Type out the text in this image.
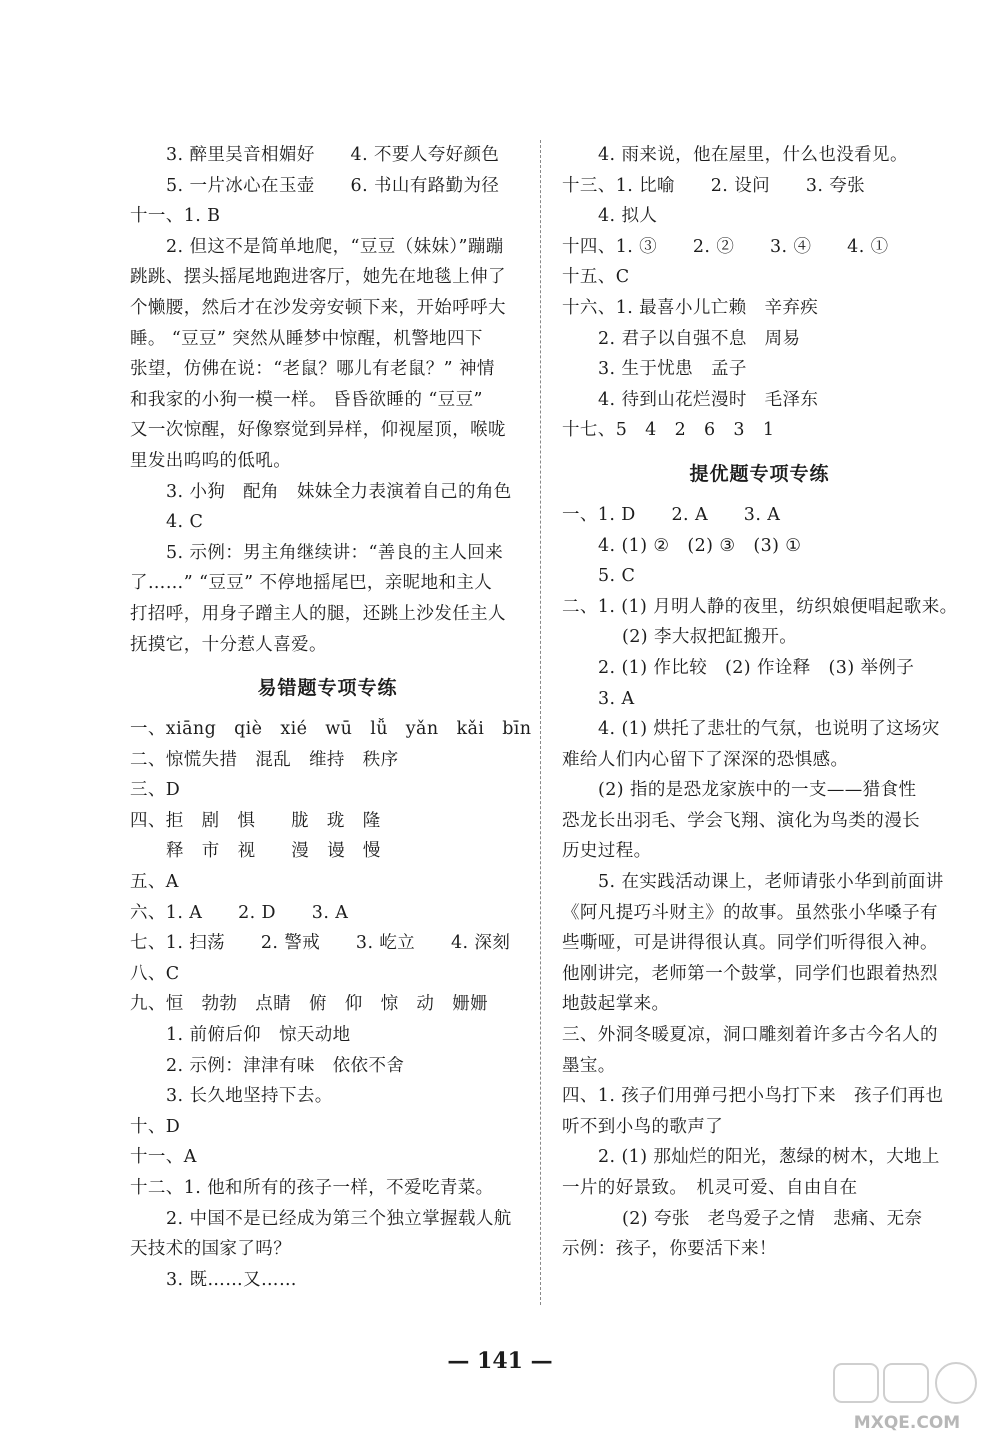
3. 醉里吴音相媚好　　4. 不要人夸好颜色
5. 一片冰心在玉壶　　6. 书山有路勤为径
十一、1. B
2. 但这不是简单地爬，“豆豆（妹妹）”蹦蹦
跳跳、摆头摇尾地跑进客厅，她先在地毯上伸了
个懒腰，然后才在沙发旁安顿下来，开始呼呼大
睡。 “豆豆” 突然从睡梦中惊醒，机警地四下
张望，仿佛在说：“老鼠？哪儿有老鼠？” 神情
和我家的小狗一模一样。 昏昏欲睡的 “豆豆”
又一次惊醒，好像察觉到异样，仰视屋顶，喉咙
里发出呜呜的低吼。
3. 小狗　配角　妹妹全力表演着自己的角色
4. C
5. 示例：男主角继续讲：“善良的主人回来
了……” “豆豆” 不停地摇尾巴，亲昵地和主人
打招呼，用身子蹭主人的腿，还跳上沙发任主人
抚摸它，十分惹人喜爱。
易错题专项专练
一、xiāng　qiè　xié　wū　lǚ　yǎn　kǎi　bīn
二、惊慌失措　混乱　维持　秩序
三、D
四、拒　剧　惧　　胧　珑　隆
释　市　视　　漫　谩　慢
五、A
六、1. A　　2. D　　3. A
七、1. 扫荡　　2. 警戒　　3. 屹立　　4. 深刻
八、C
九、恒　勃勃　点睛　俯　仰　惊　动　姗姗
1. 前俯后仰　惊天动地
2. 示例：津津有味　依依不舍
3. 长久地坚持下去。
十、D
十一、A
十二、1. 他和所有的孩子一样，不爱吃青菜。
2. 中国不是已经成为第三个独立掌握载人航
天技术的国家了吗？
3. 既……又……
4. 雨来说，他在屋里，什么也没看见。
十三、1. 比喻　　2. 设问　　3. 夸张
4. 拟人
十四、1. ③　　2. ②　　3. ④　　4. ①
十五、C
十六、1. 最喜小儿亡赖　辛弃疾
2. 君子以自强不息　周易
3. 生于忧患　孟子
4. 待到山花烂漫时　毛泽东
十七、5　4　2　6　3　1
提优题专项专练
一、1. D　　2. A　　3. A
4. (1) ②　(2) ③　(3) ①
5. C
二、1. (1) 月明人静的夜里，纺织娘便唱起歌来。
(2) 李大叔把缸搬开。
2. (1) 作比较　(2) 作诠释　(3) 举例子
3. A
4. (1) 烘托了悲壮的气氛，也说明了这场灾
难给人们内心留下了深深的恐惧感。
(2) 指的是恐龙家族中的一支——猎食性
恐龙长出羽毛、学会飞翔、演化为鸟类的漫长
历史过程。
5. 在实践活动课上，老师请张小华到前面讲
《阿凡提巧斗财主》的故事。虽然张小华嗓子有
些嘶哑，可是讲得很认真。同学们听得很入神。
他刚讲完，老师第一个鼓掌，同学们也跟着热烈
地鼓起掌来。
三、外洞冬暖夏凉，洞口雕刻着许多古今名人的
墨宝。
四、1. 孩子们用弹弓把小鸟打下来　孩子们再也
听不到小鸟的歌声了
2. (1) 那灿烂的阳光，葱绿的树木，大地上
一片的好景致。　机灵可爱、自由自在
(2) 夸张　老鸟爱子之情　悲痛、无奈
示例：孩子，你要活下来！
— 141 —
MXQE.COM
